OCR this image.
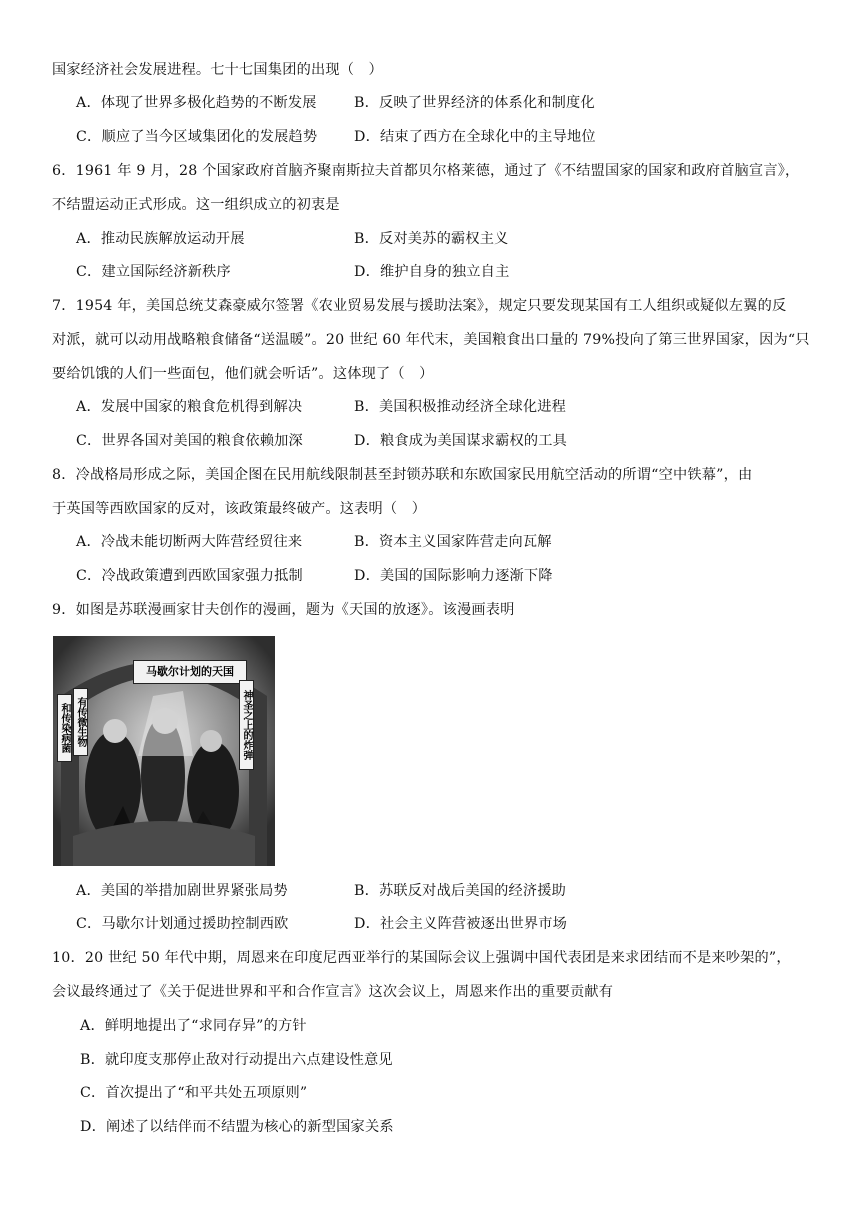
国家经济社会发展进程。七十七国集团的出现（　）
A．体现了世界多极化趋势的不断发展	B．反映了世界经济的体系化和制度化
C．顺应了当今区域集团化的发展趋势	D．结束了西方在全球化中的主导地位
6．1961 年 9 月，28 个国家政府首脑齐聚南斯拉夫首都贝尔格莱德，通过了《不结盟国家的国家和政府首脑宣言》，
不结盟运动正式形成。这一组织成立的初衷是
A．推动民族解放运动开展	B．反对美苏的霸权主义
C．建立国际经济新秩序	D．维护自身的独立自主
7．1954 年，美国总统艾森豪威尔签署《农业贸易发展与援助法案》，规定只要发现某国有工人组织或疑似左翼的反
对派，就可以动用战略粮食储备“送温暖”。20 世纪 60 年代末，美国粮食出口量的 79%投向了第三世界国家，因为“只
要给饥饿的人们一些面包，他们就会听话”。这体现了（　）
A．发展中国家的粮食危机得到解决	B．美国积极推动经济全球化进程
C．世界各国对美国的粮食依赖加深	D．粮食成为美国谋求霸权的工具
8．冷战格局形成之际，美国企图在民用航线限制甚至封锁苏联和东欧国家民用航空活动的所谓“空中铁幕”，由
于英国等西欧国家的反对，该政策最终破产。这表明（　）
A．冷战未能切断两大阵营经贸往来	B．资本主义国家阵营走向瓦解
C．冷战政策遭到西欧国家强力抵制	D．美国的国际影响力逐渐下降
9．如图是苏联漫画家甘夫创作的漫画，题为《天国的放逐》。该漫画表明
马歇尔计划的天国
和传染病菌 有传微生物	神圣之上的炸弹
A．美国的举措加剧世界紧张局势	B．苏联反对战后美国的经济援助
C．马歇尔计划通过援助控制西欧	D．社会主义阵营被逐出世界市场
10．20 世纪 50 年代中期，周恩来在印度尼西亚举行的某国际会议上强调中国代表团是来求团结而不是来吵架的”，
会议最终通过了《关于促进世界和平和合作宣言》这次会议上，周恩来作出的重要贡献有
A．鲜明地提出了“求同存异”的方针
B．就印度支那停止敌对行动提出六点建设性意见
C．首次提出了“和平共处五项原则”
D．阐述了以结伴而不结盟为核心的新型国家关系
